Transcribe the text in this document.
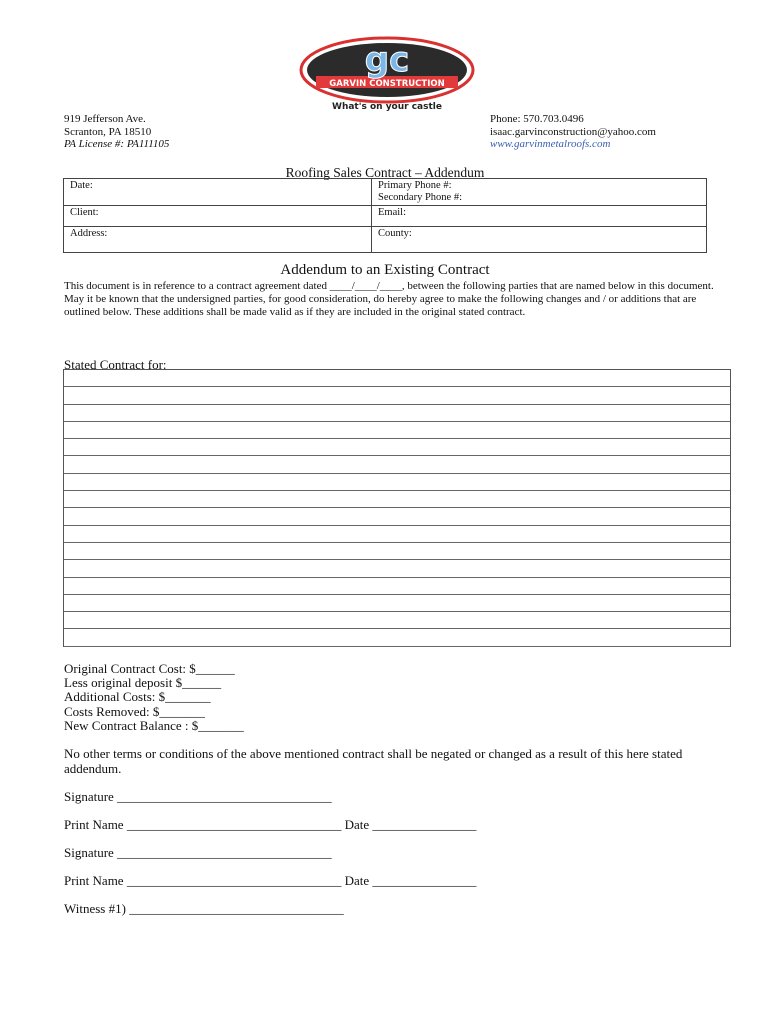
gc
GARVIN CONSTRUCTION
What's on your castle
919 Jefferson Ave.
Scranton, PA 18510
PA License #: PA111105
Phone: 570.703.0496
isaac.garvinconstruction@yahoo.com
www.garvinmetalroofs.com
Roofing Sales Contract – Addendum
Date:	Primary Phone #:
Secondary Phone #:

Client:	Email:
Address:	County:
Addendum to an Existing Contract
This document is in reference to a contract agreement dated ____/____/____, between the following parties that are named below in this document.
May it be known that the undersigned parties, for good consideration, do hereby agree to make the following changes and / or additions that are outlined below. These additions shall be made valid as if they are included in the original stated contract.
Stated Contract for:
Original Contract Cost: $______
Less original deposit $______
Additional Costs: $_______
Costs Removed: $_______
New Contract Balance : $_______
No other terms or conditions of the above mentioned contract shall be negated or changed as a result of this here stated addendum.
Signature _________________________________
Print Name _________________________________ Date ________________
Signature _________________________________
Print Name _________________________________ Date ________________
Witness #1) _________________________________
